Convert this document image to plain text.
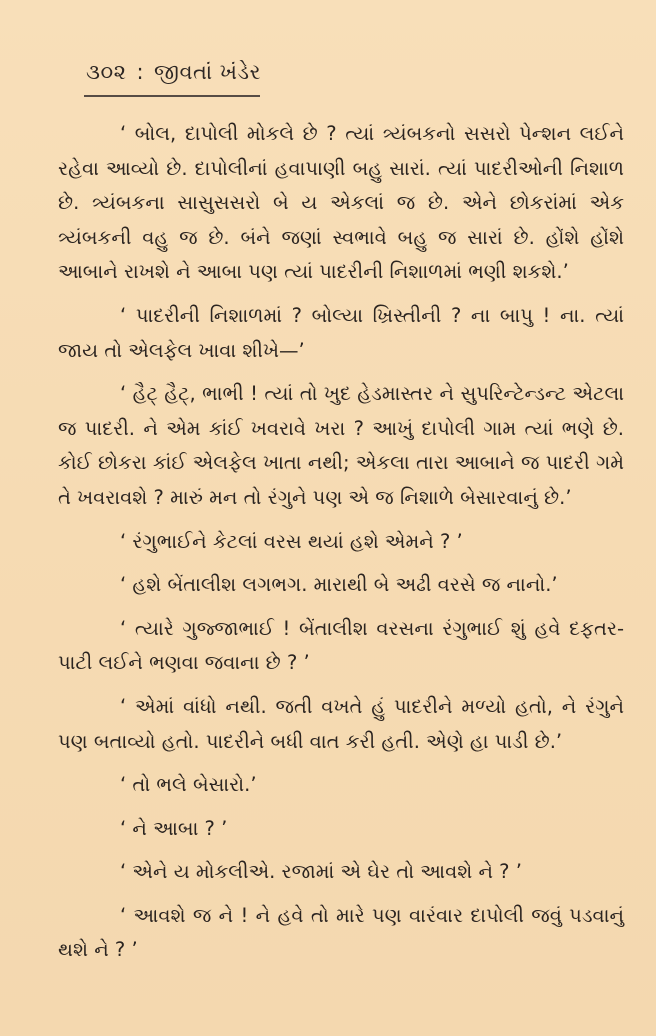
૩૦૨ : જીવતાં ખંડેર

‘ બોલ, દાપોલી મોકલે છે ? ત્યાં ત્ર્યંબકનો સસરો પેન્શન લઈને રહેવા આવ્યો છે. દાપોલીનાં હવાપાણી બહુ સારાં. ત્યાં પાદરીઓની નિશાળ છે. ત્ર્યંબકના સાસુસસરો બે ય એકલાં જ છે. એને છોકરાંમાં એક ત્ર્યંબકની વહુ જ છે. બંને જણાં સ્વભાવે બહુ જ સારાં છે. હોંશે હોંશે આબાને રાખશે ને આબા પણ ત્યાં પાદરીની નિશાળમાં ભણી શકશે.’

‘ પાદરીની નિશાળમાં ? બોલ્યા ખ્રિસ્તીની ? ના બાપુ ! ના. ત્યાં જાય તો એલફેલ ખાવા શીખે—’

‘ હૈટ્ હૈટ્, ભાભી ! ત્યાં તો ખુદ હેડમાસ્તર ને સુપરિન્ટેન્ડન્ટ એટલા જ પાદરી. ને એમ કાંઈ ખવરાવે ખરા ? આખું દાપોલી ગામ ત્યાં ભણે છે. કોઈ છોકરા કાંઈ એલફેલ ખાતા નથી; એકલા તારા આબાને જ પાદરી ગમે તે ખવરાવશે ? મારું મન તો રંગુને પણ એ જ નિશાળે બેસારવાનું છે.’

‘ રંગુભાઈને કેટલાં વરસ થયાં હશે એમને ? ’

‘ હશે બેંતાલીશ લગભગ. મારાથી બે અઢી વરસે જ નાનો.’

‘ ત્યારે ગુજ્જાભાઈ ! બેંતાલીશ વરસના રંગુભાઈ શું હવે દફતર-પાટી લઈને ભણવા જવાના છે ? ’

‘ એમાં વાંધો નથી. જતી વખતે હું પાદરીને મળ્યો હતો, ને રંગુને પણ બતાવ્યો હતો. પાદરીને બધી વાત કરી હતી. એણે હા પાડી છે.’

‘ તો ભલે બેસારો.’

‘ ને આબા ? ’

‘ એને ય મોકલીએ. રજામાં એ ઘેર તો આવશે ને ? ’

‘ આવશે જ ને ! ને હવે તો મારે પણ વારંવાર દાપોલી જવું પડવાનું થશે ને ? ’
